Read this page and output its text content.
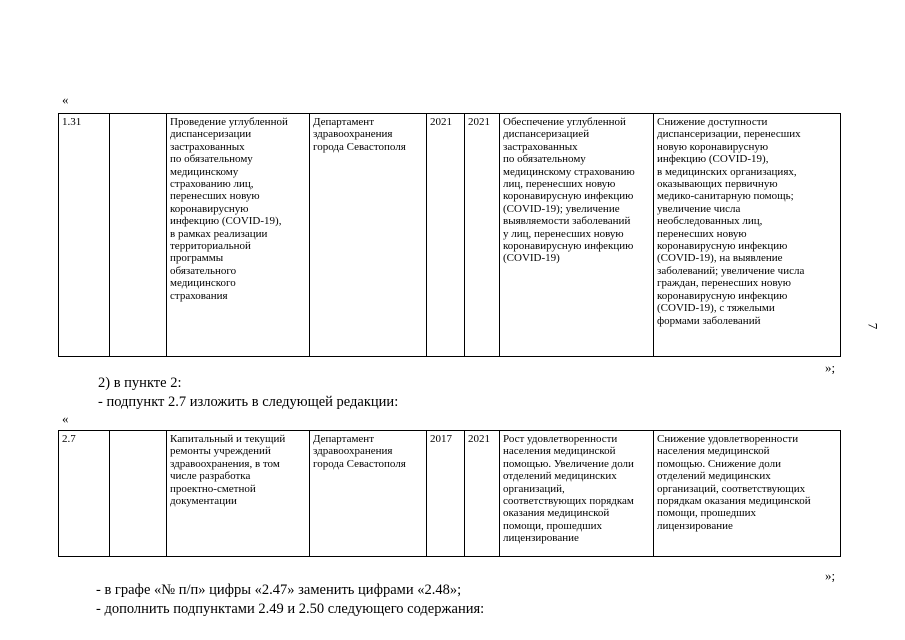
«
1.31		Проведение углубленной
диспансеризации
застрахованных
по обязательному
медицинскому
страхованию лиц,
перенесших новую
коронавирусную
инфекцию (COVID-19),
в рамках реализации
территориальной
программы
обязательного
медицинского
страхования	Департамент
здравоохранения
города Севастополя	2021	2021	Обеспечение углубленной
диспансеризацией
застрахованных
по обязательному
медицинскому страхованию
лиц, перенесших новую
коронавирусную инфекцию
(COVID-19); увеличение
выявляемости заболеваний
у лиц, перенесших новую
коронавирусную инфекцию
(COVID-19)	Снижение доступности
диспансеризации, перенесших
новую коронавирусную
инфекцию (COVID-19),
в медицинских организациях,
оказывающих первичную
медико-санитарную помощь;
увеличение числа
необследованных лиц,
перенесших новую
коронавирусную инфекцию
(COVID-19), на выявление
заболеваний; увеличение числа
граждан, перенесших новую
коронавирусную инфекцию
(COVID-19), с тяжелыми
формами заболеваний
»;
2) в пункте 2:
- подпункт 2.7 изложить в следующей редакции:
«
2.7		Капитальный и текущий
ремонты учреждений
здравоохранения, в том
числе разработка
проектно-сметной
документации	Департамент
здравоохранения
города Севастополя	2017	2021	Рост удовлетворенности
населения медицинской
помощью. Увеличение доли
отделений медицинских
организаций,
соответствующих порядкам
оказания медицинской
помощи, прошедших
лицензирование	Снижение удовлетворенности
населения медицинской
помощью. Снижение доли
отделений медицинских
организаций, соответствующих
порядкам оказания медицинской
помощи, прошедших
лицензирование
»;
- в графе «№ п/п» цифры «2.47» заменить цифрами «2.48»;
- дополнить подпунктами 2.49 и 2.50 следующего содержания:
7
